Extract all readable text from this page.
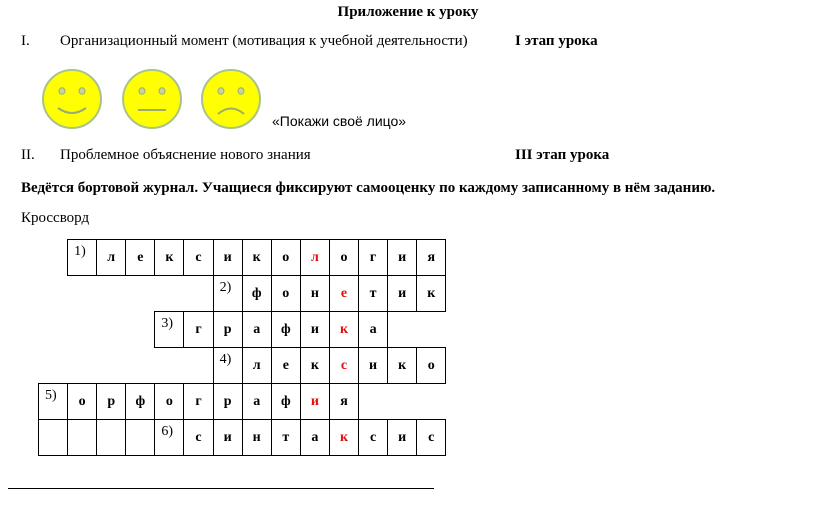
Приложение к уроку
I. Организационный момент (мотивация к учебной деятельности)	I этап урока
«Покажи своё лицо»
II. Проблемное объяснение нового знания	III этап урока
Ведётся бортовой журнал. Учащиеся фиксируют самооценку по каждому записанному в нём заданию.
Кроссворд
	1)	л	е	к	с	и	к	о	л	о	г	и	я
						2)	ф	о	н	е	т	и	к
				3)	г	р	а	ф	и	к	а		
						4)	л	е	к	с	и	к	о
5)	о	р	ф	о	г	р	а	ф	и	я			
				6)	с	и	н	т	а	к	с	и	с
